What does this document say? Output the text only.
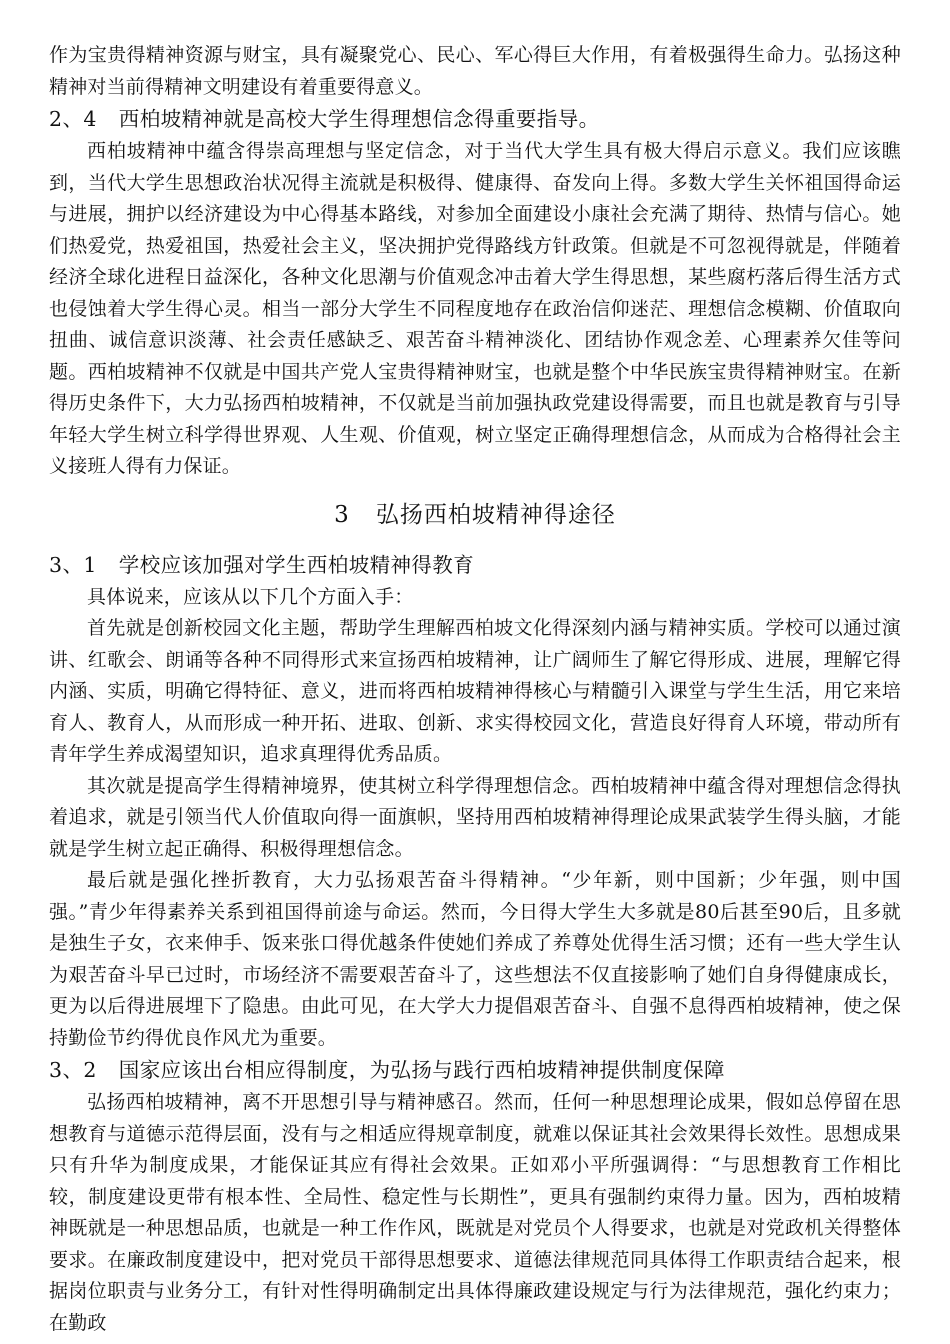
作为宝贵得精神资源与财宝，具有凝聚党心、民心、军心得巨大作用，有着极强得生命力。弘扬这种精神对当前得精神文明建设有着重要得意义。

2、4 西柏坡精神就是高校大学生得理想信念得重要指导。

西柏坡精神中蕴含得崇高理想与坚定信念，对于当代大学生具有极大得启示意义。我们应该瞧到，当代大学生思想政治状况得主流就是积极得、健康得、奋发向上得。多数大学生关怀祖国得命运与进展，拥护以经济建设为中心得基本路线，对参加全面建设小康社会充满了期待、热情与信心。她们热爱党，热爱祖国，热爱社会主义，坚决拥护党得路线方针政策。但就是不可忽视得就是，伴随着经济全球化进程日益深化，各种文化思潮与价值观念冲击着大学生得思想，某些腐朽落后得生活方式也侵蚀着大学生得心灵。相当一部分大学生不同程度地存在政治信仰迷茫、理想信念模糊、价值取向扭曲、诚信意识淡薄、社会责任感缺乏、艰苦奋斗精神淡化、团结协作观念差、心理素养欠佳等问题。西柏坡精神不仅就是中国共产党人宝贵得精神财宝，也就是整个中华民族宝贵得精神财宝。在新得历史条件下，大力弘扬西柏坡精神，不仅就是当前加强执政党建设得需要，而且也就是教育与引导年轻大学生树立科学得世界观、人生观、价值观，树立坚定正确得理想信念，从而成为合格得社会主义接班人得有力保证。

3 弘扬西柏坡精神得途径
3、1 学校应该加强对学生西柏坡精神得教育

具体说来，应该从以下几个方面入手：

首先就是创新校园文化主题，帮助学生理解西柏坡文化得深刻内涵与精神实质。学校可以通过演讲、红歌会、朗诵等各种不同得形式来宣扬西柏坡精神，让广阔师生了解它得形成、进展，理解它得内涵、实质，明确它得特征、意义，进而将西柏坡精神得核心与精髓引入课堂与学生生活，用它来培育人、教育人，从而形成一种开拓、进取、创新、求实得校园文化，营造良好得育人环境，带动所有青年学生养成渴望知识，追求真理得优秀品质。

其次就是提高学生得精神境界，使其树立科学得理想信念。西柏坡精神中蕴含得对理想信念得执着追求，就是引领当代人价值取向得一面旗帜，坚持用西柏坡精神得理论成果武装学生得头脑，才能就是学生树立起正确得、积极得理想信念。

最后就是强化挫折教育，大力弘扬艰苦奋斗得精神。“少年新，则中国新；少年强，则中国强。”青少年得素养关系到祖国得前途与命运。然而，今日得大学生大多就是80后甚至90后，且多就是独生子女，衣来伸手、饭来张口得优越条件使她们养成了养尊处优得生活习惯；还有一些大学生认为艰苦奋斗早已过时，市场经济不需要艰苦奋斗了，这些想法不仅直接影响了她们自身得健康成长，更为以后得进展埋下了隐患。由此可见，在大学大力提倡艰苦奋斗、自强不息得西柏坡精神，使之保持勤俭节约得优良作风尤为重要。

3、2 国家应该出台相应得制度，为弘扬与践行西柏坡精神提供制度保障

弘扬西柏坡精神，离不开思想引导与精神感召。然而，任何一种思想理论成果，假如总停留在思想教育与道德示范得层面，没有与之相适应得规章制度，就难以保证其社会效果得长效性。思想成果只有升华为制度成果，才能保证其应有得社会效果。正如邓小平所强调得：“与思想教育工作相比较，制度建设更带有根本性、全局性、稳定性与长期性”，更具有强制约束得力量。因为，西柏坡精神既就是一种思想品质，也就是一种工作作风，既就是对党员个人得要求，也就是对党政机关得整体要求。在廉政制度建设中，把对党员干部得思想要求、道德法律规范同具体得工作职责结合起来，根据岗位职责与业务分工，有针对性得明确制定出具体得廉政建设规定与行为法律规范，强化约束力；在勤政
